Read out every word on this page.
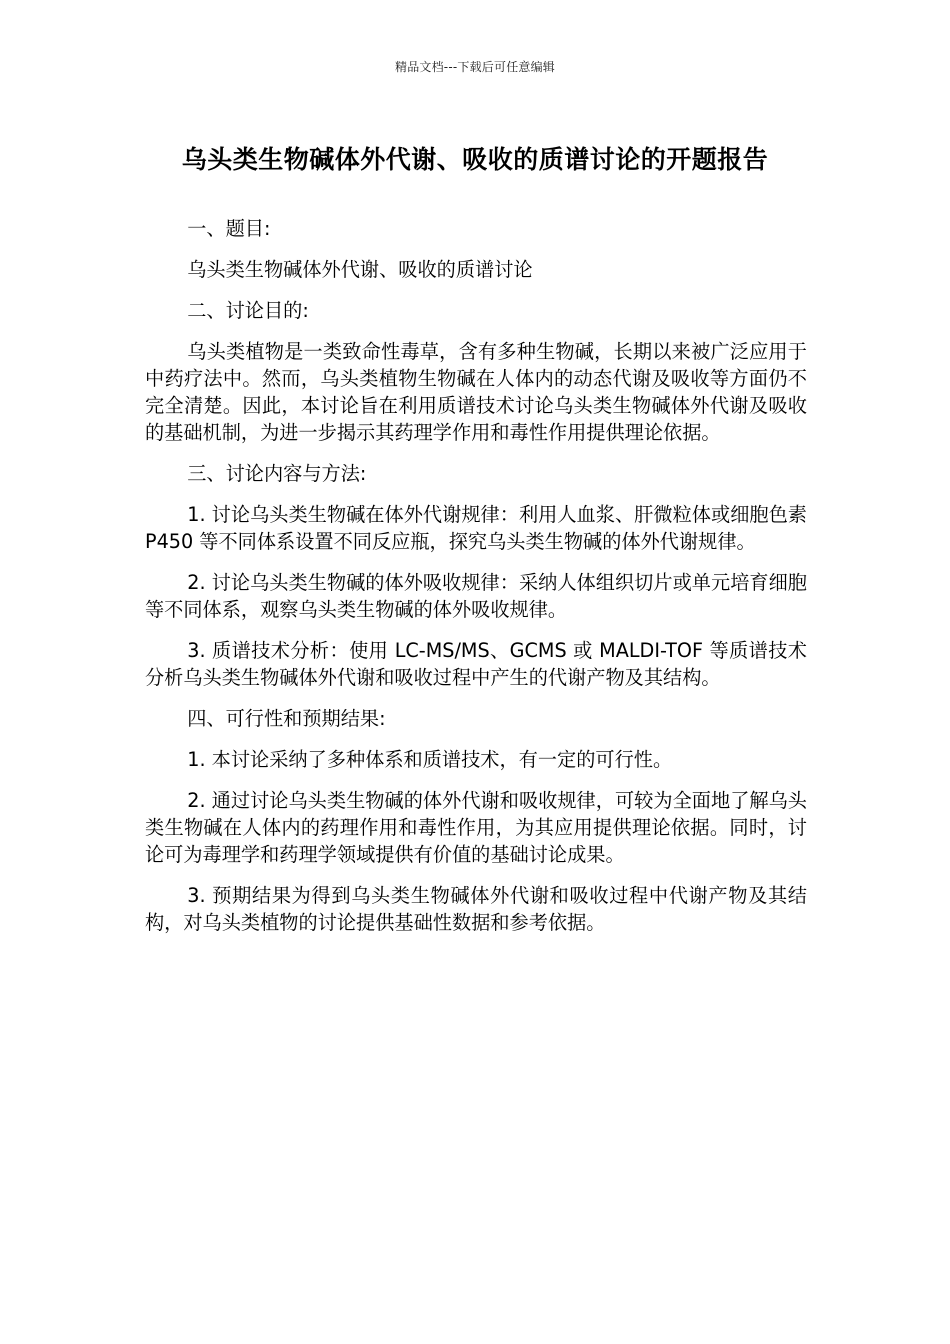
精品文档---下载后可任意编辑
乌头类生物碱体外代谢、吸收的质谱讨论的开题报告

一、题目:

乌头类生物碱体外代谢、吸收的质谱讨论

二、讨论目的:

乌头类植物是一类致命性毒草，含有多种生物碱，长期以来被广泛应用于中药疗法中。然而，乌头类植物生物碱在人体内的动态代谢及吸收等方面仍不完全清楚。因此，本讨论旨在利用质谱技术讨论乌头类生物碱体外代谢及吸收的基础机制，为进一步揭示其药理学作用和毒性作用提供理论依据。

三、讨论内容与方法:

1. 讨论乌头类生物碱在体外代谢规律：利用人血浆、肝微粒体或细胞色素 P450 等不同体系设置不同反应瓶，探究乌头类生物碱的体外代谢规律。

2. 讨论乌头类生物碱的体外吸收规律：采纳人体组织切片或单元培育细胞等不同体系，观察乌头类生物碱的体外吸收规律。

3. 质谱技术分析：使用 LC-MS/MS、GCMS 或 MALDI-TOF 等质谱技术分析乌头类生物碱体外代谢和吸收过程中产生的代谢产物及其结构。

四、可行性和预期结果:

1. 本讨论采纳了多种体系和质谱技术，有一定的可行性。

2. 通过讨论乌头类生物碱的体外代谢和吸收规律，可较为全面地了解乌头类生物碱在人体内的药理作用和毒性作用，为其应用提供理论依据。同时，讨论可为毒理学和药理学领域提供有价值的基础讨论成果。

3. 预期结果为得到乌头类生物碱体外代谢和吸收过程中代谢产物及其结构，对乌头类植物的讨论提供基础性数据和参考依据。
